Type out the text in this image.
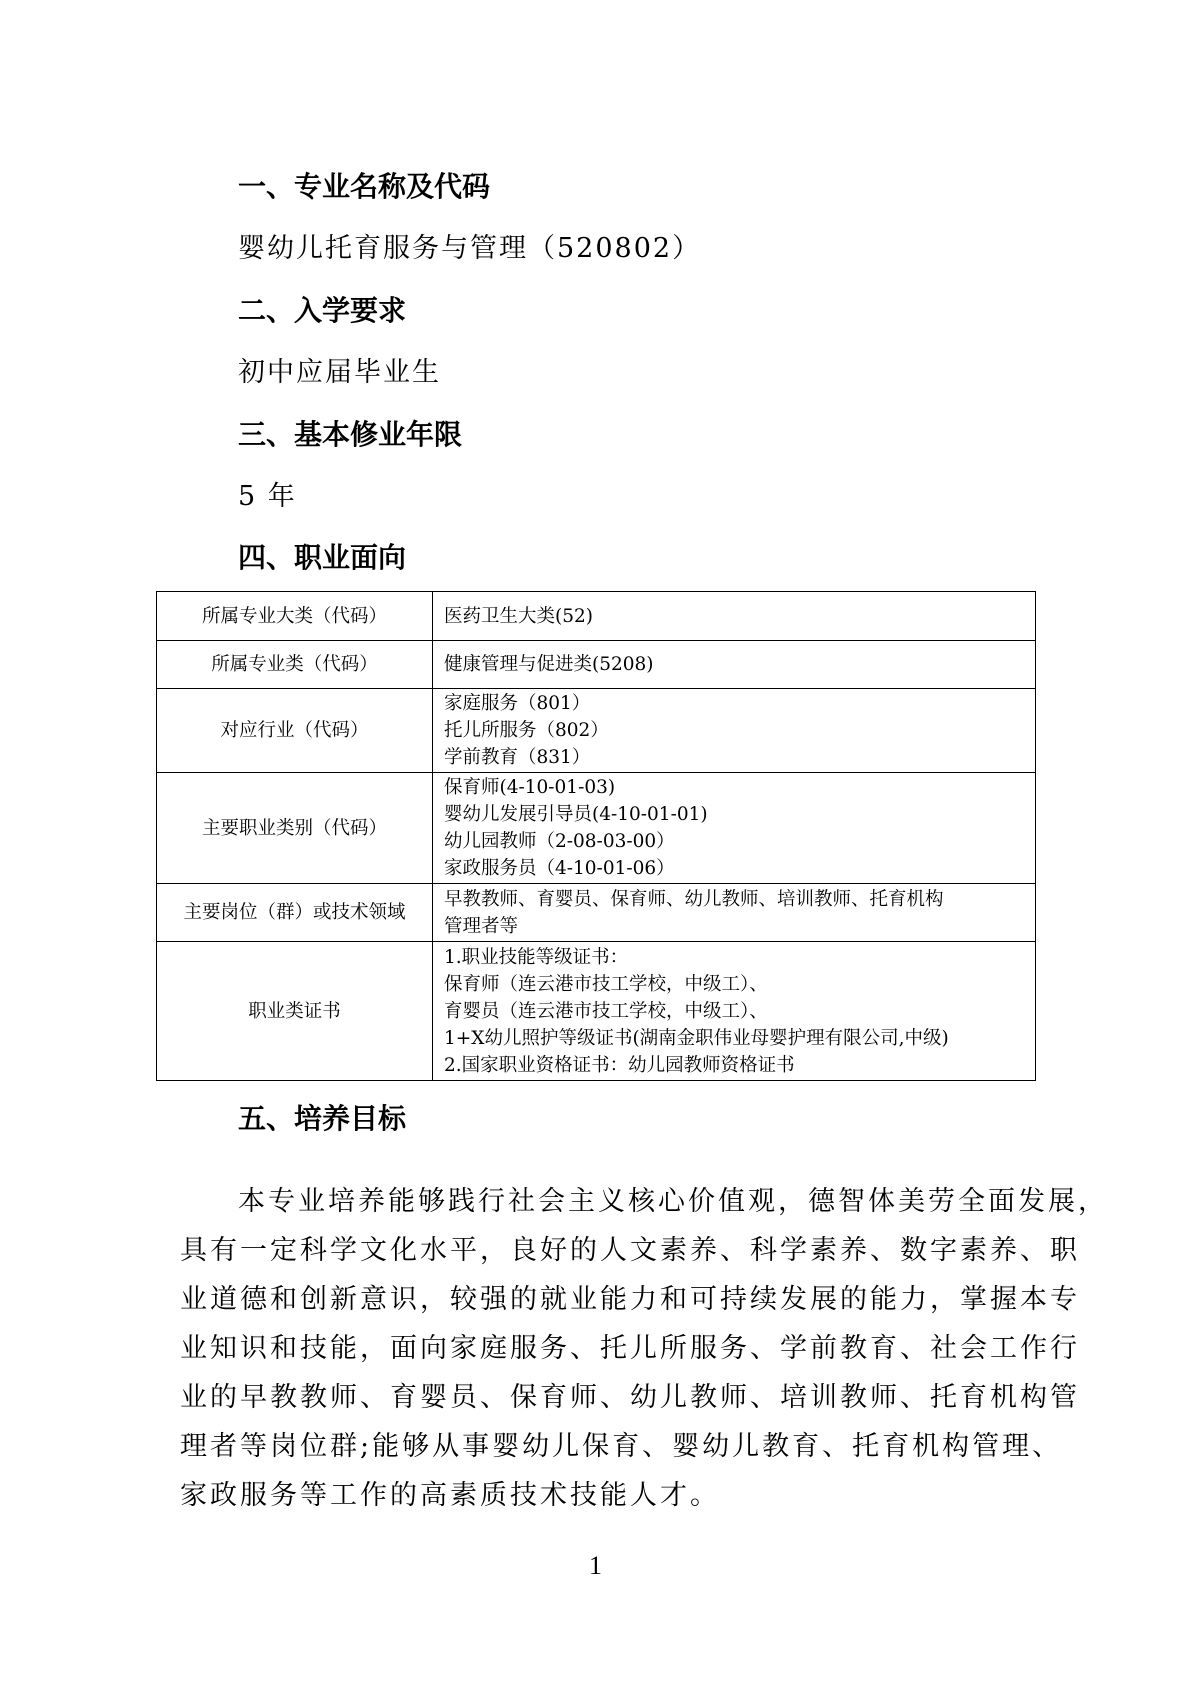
一、专业名称及代码
婴幼儿托育服务与管理（520802）
二、入学要求
初中应届毕业生
三、基本修业年限
5 年
四、职业面向
所属专业大类（代码）	医药卫生大类(52)

所属专业类（代码）	健康管理与促进类(5208)

对应行业（代码）	家庭服务（801）
托儿所服务（802）
学前教育（831）

主要职业类别（代码）	保育师(4-10-01-03)
婴幼儿发展引导员(4-10-01-01)
幼儿园教师（2-08-03-00）
家政服务员（4-10-01-06）

主要岗位（群）或技术领域	早教教师、育婴员、保育师、幼儿教师、培训教师、托育机构
管理者等

职业类证书	1.职业技能等级证书：
保育师（连云港市技工学校，中级工）、
育婴员（连云港市技工学校，中级工）、
1+X幼儿照护等级证书(湖南金职伟业母婴护理有限公司,中级)
2.国家职业资格证书：幼儿园教师资格证书
五、培养目标
本专业培养能够践行社会主义核心价值观，德智体美劳全面发展，
具有一定科学文化水平，良好的人文素养、科学素养、数字素养、职
业道德和创新意识，较强的就业能力和可持续发展的能力，掌握本专
业知识和技能，面向家庭服务、托儿所服务、学前教育、社会工作行
业的早教教师、育婴员、保育师、幼儿教师、培训教师、托育机构管
理者等岗位群;能够从事婴幼儿保育、婴幼儿教育、托育机构管理、
家政服务等工作的高素质技术技能人才。
1
